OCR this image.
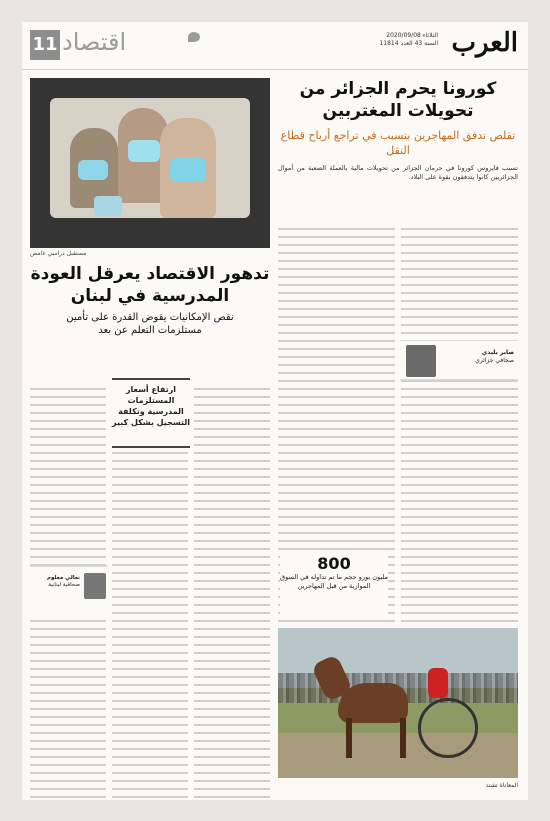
العرب
الثلاثاء 2020/09/08
السنة 43 العدد 11814
اقتصاد
11
كورونا يحرم الجزائر من تحويلات المغتربين
تقلص تدفق المهاجرين بتسبب في تراجع أرباح قطاع النقل
تسبب فايروس كورونا في حرمان الجزائر من تحويلات مالية بالعملة الصعبة من أموال الجزائريين كانوا يتدفقون بقوة على البلاد.
صابر بليدي
صحافي جزائري
800
مليون يورو حجم ما تم تداوله في السوق الموازية من قبل المهاجرين
المعاناة تشتد
مستقبل دراسي غامض
تدهور الاقتصاد يعرقل العودة المدرسية في لبنان
نقص الإمكانيات يقوض القدرة على تأمين
مستلزمات التعلم عن بعد
نعالي معلوم
صحافية لبنانية
ارتفاع أسعار المستلزمات المدرسية وتكلفة التسجيل بشكل كبير
